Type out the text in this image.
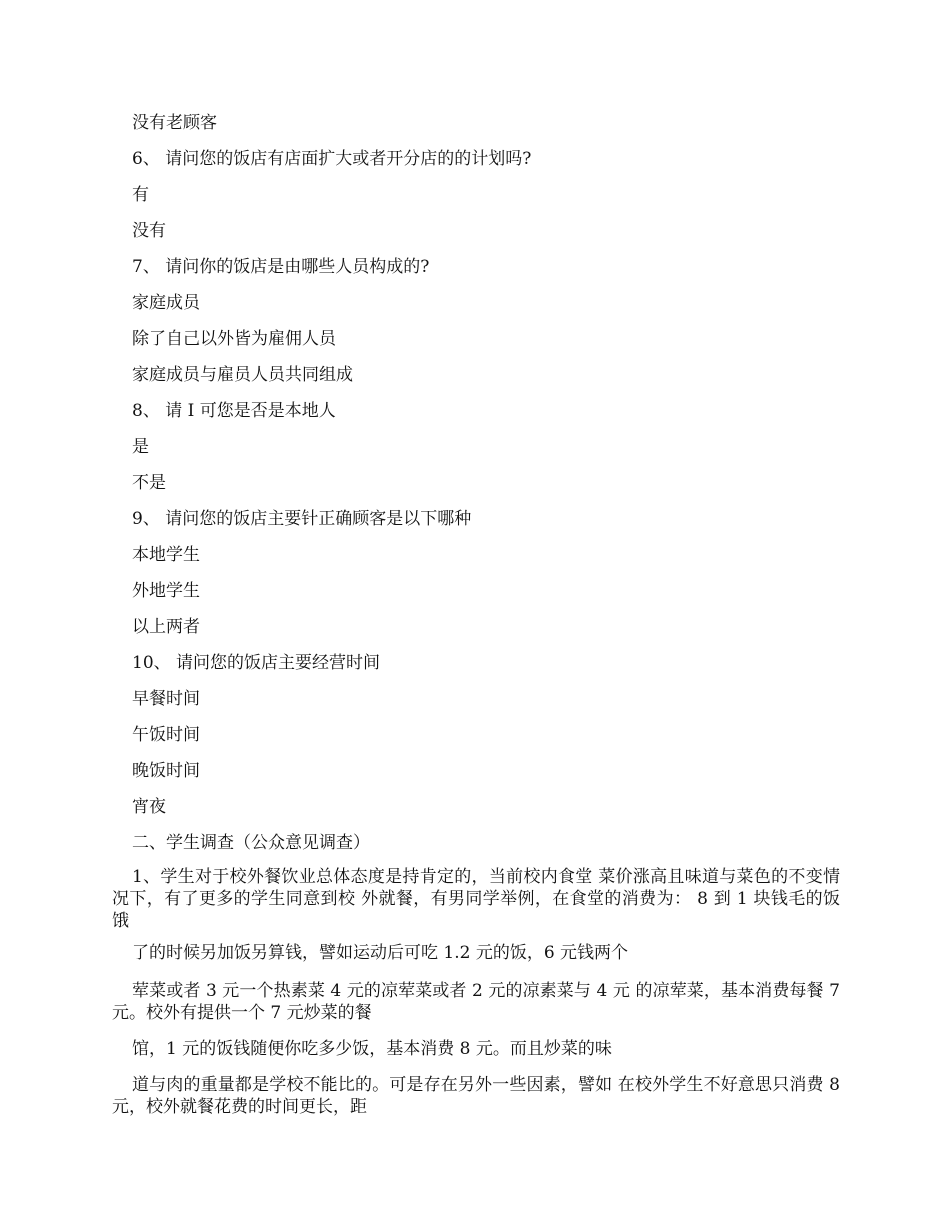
没有老顾客
6、 请问您的饭店有店面扩大或者开分店的的计划吗?
有
没有
7、 请问你的饭店是由哪些人员构成的?
家庭成员
除了自己以外皆为雇佣人员
家庭成员与雇员人员共同组成
8、 请 I 可您是否是本地人
是
不是
9、 请问您的饭店主要针正确顾客是以下哪种
本地学生
外地学生
以上两者
10、 请问您的饭店主要经营时间
早餐时间
午饭时间
晚饭时间
宵夜
二、学生调查（公众意见调查）
1、学生对于校外餐饮业总体态度是持肯定的，当前校内食堂 菜价涨高且味道与菜色的不变情况下，有了更多的学生同意到校 外就餐，有男同学举例，在食堂的消费为： 8 到 1 块钱毛的饭饿
了的时候另加饭另算钱，譬如运动后可吃 1.2 元的饭，6 元钱两个
荤菜或者 3 元一个热素菜 4 元的凉荤菜或者 2 元的凉素菜与 4 元 的凉荤菜，基本消费每餐 7 元。校外有提供一个 7 元炒菜的餐
馆，1 元的饭钱随便你吃多少饭，基本消费 8 元。而且炒菜的味
道与肉的重量都是学校不能比的。可是存在另外一些因素，譬如 在校外学生不好意思只消费 8 元，校外就餐花费的时间更长，距
